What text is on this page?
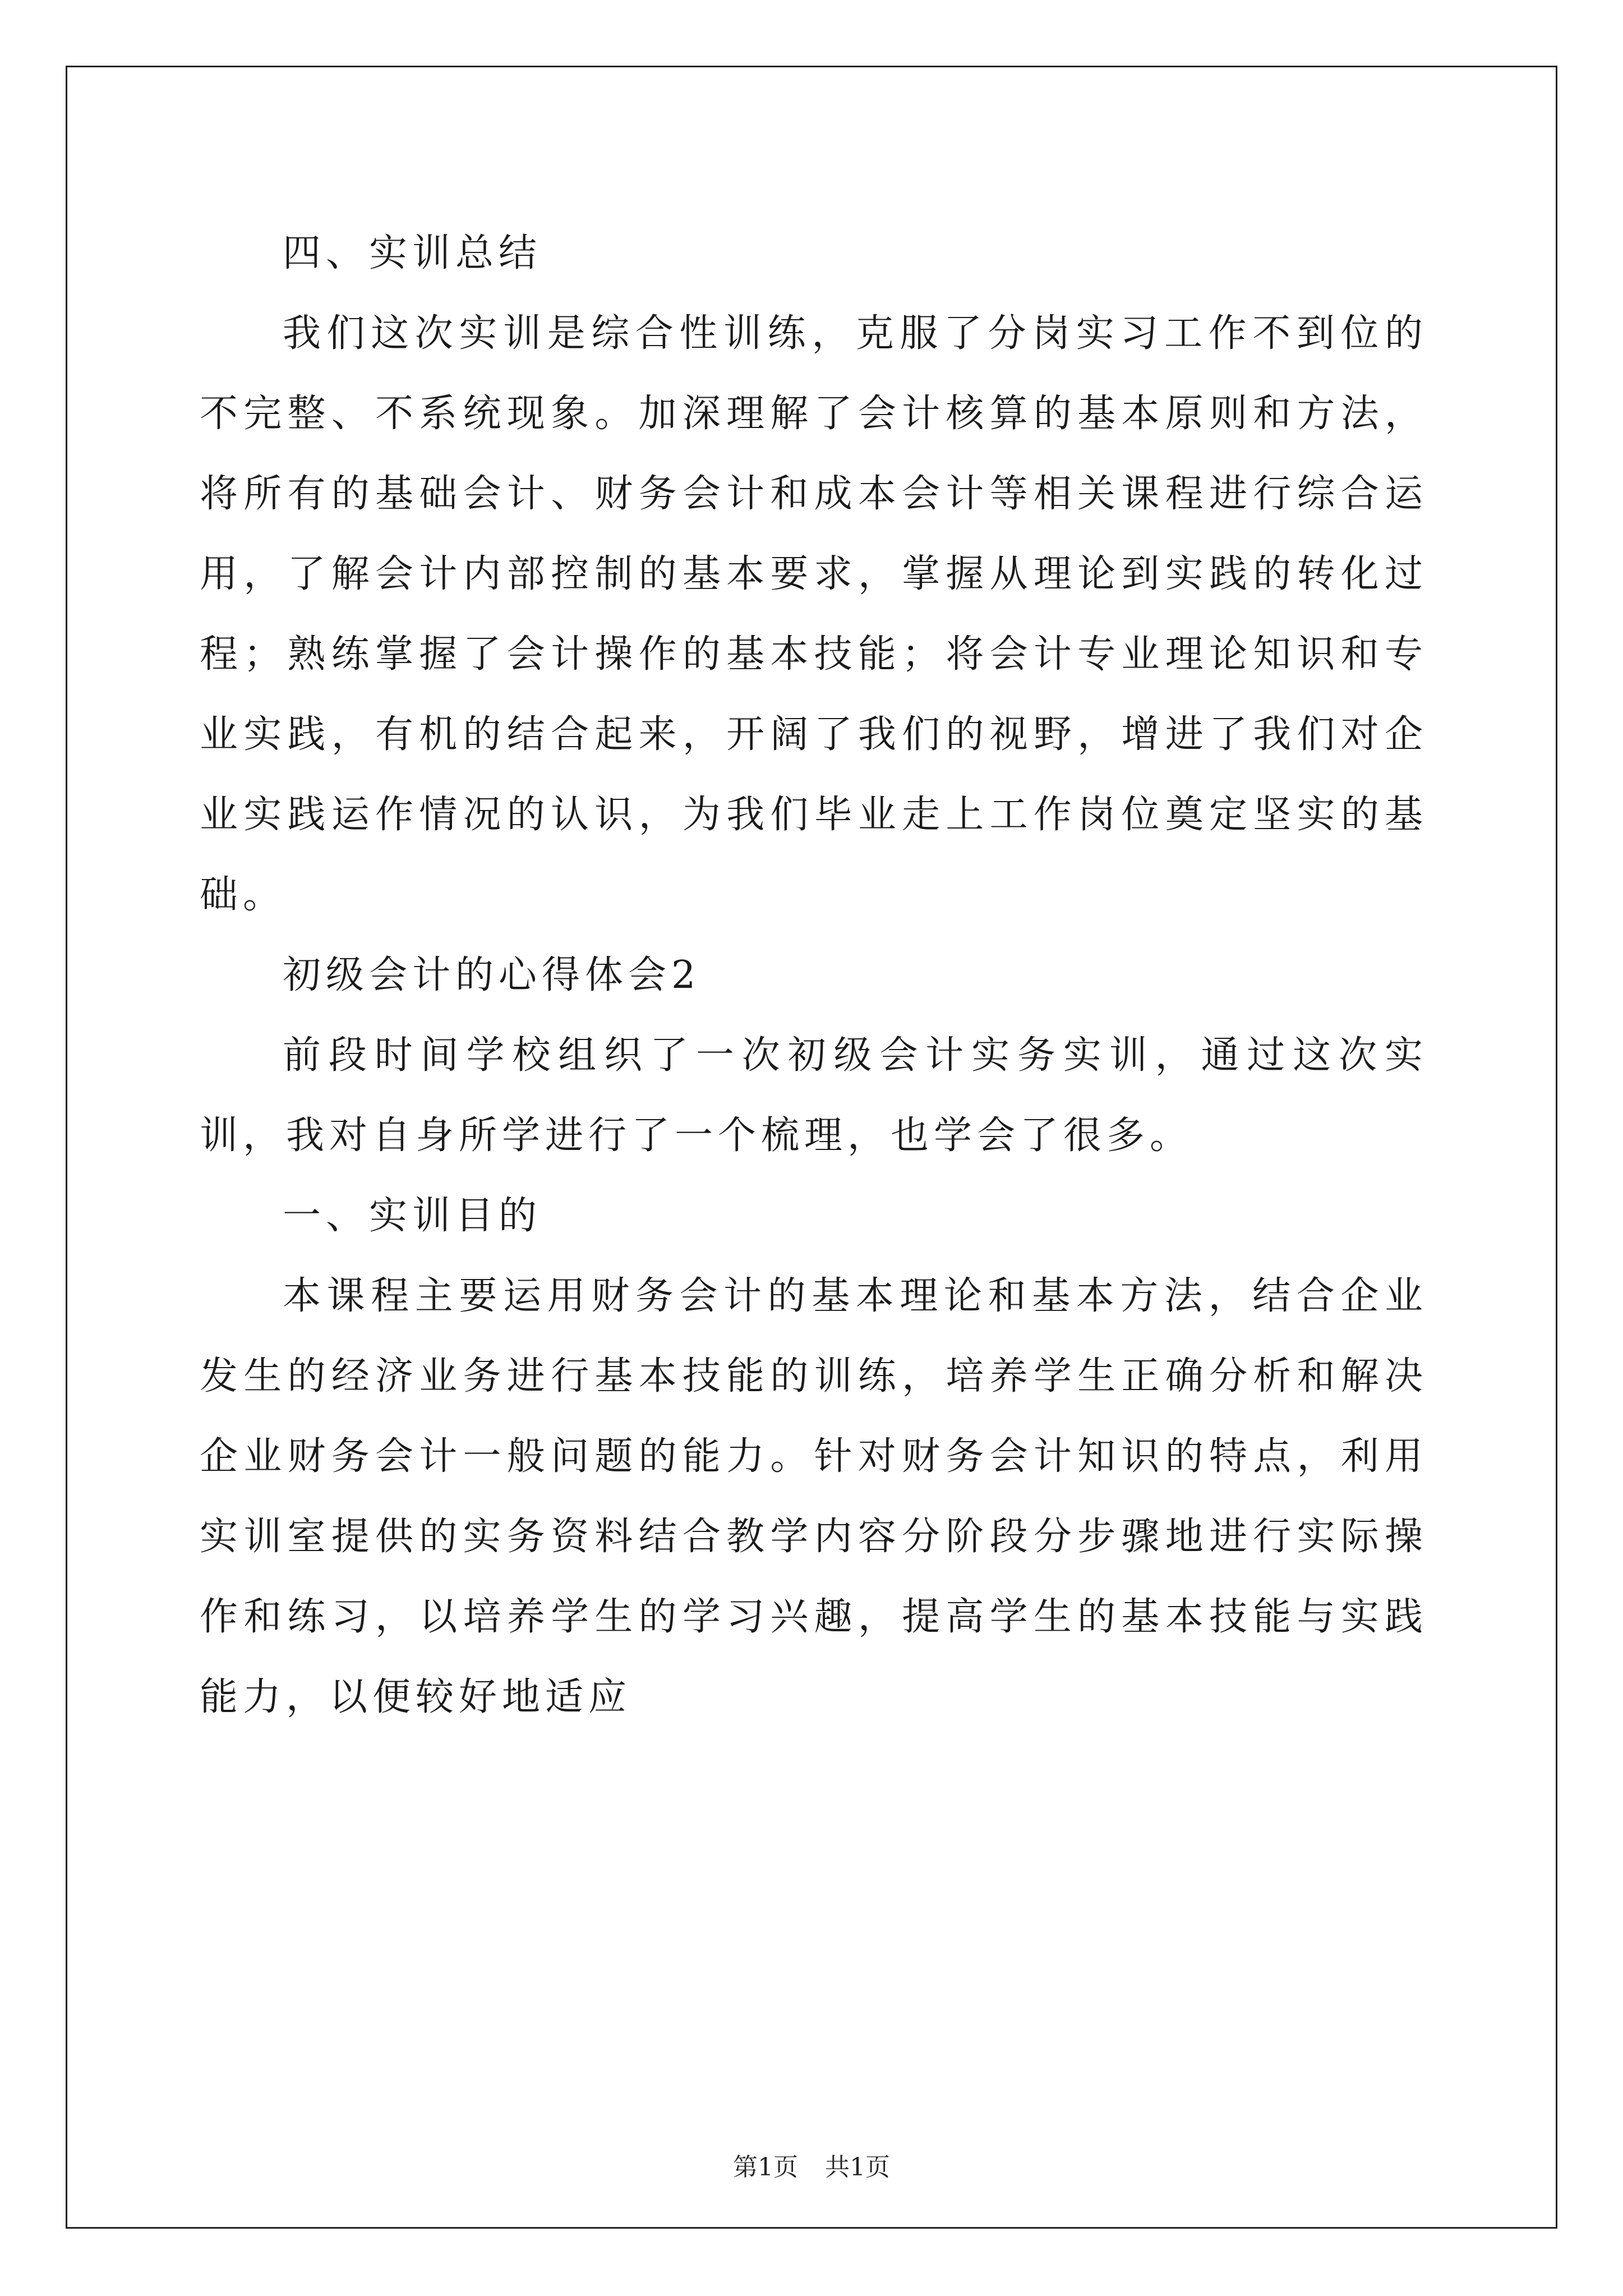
四、实训总结

我们这次实训是综合性训练，克服了分岗实习工作不到位的不完整、不系统现象。加深理解了会计核算的基本原则和方法，将所有的基础会计、财务会计和成本会计等相关课程进行综合运用，了解会计内部控制的基本要求，掌握从理论到实践的转化过程；熟练掌握了会计操作的基本技能；将会计专业理论知识和专业实践，有机的结合起来，开阔了我们的视野，增进了我们对企业实践运作情况的认识，为我们毕业走上工作岗位奠定坚实的基础。

初级会计的心得体会2

前段时间学校组织了一次初级会计实务实训，通过这次实训，我对自身所学进行了一个梳理，也学会了很多。

一、实训目的

本课程主要运用财务会计的基本理论和基本方法，结合企业发生的经济业务进行基本技能的训练，培养学生正确分析和解决企业财务会计一般问题的能力。针对财务会计知识的特点，利用实训室提供的实务资料结合教学内容分阶段分步骤地进行实际操作和练习，以培养学生的学习兴趣，提高学生的基本技能与实践能力，以便较好地适应

第1页 共1页
